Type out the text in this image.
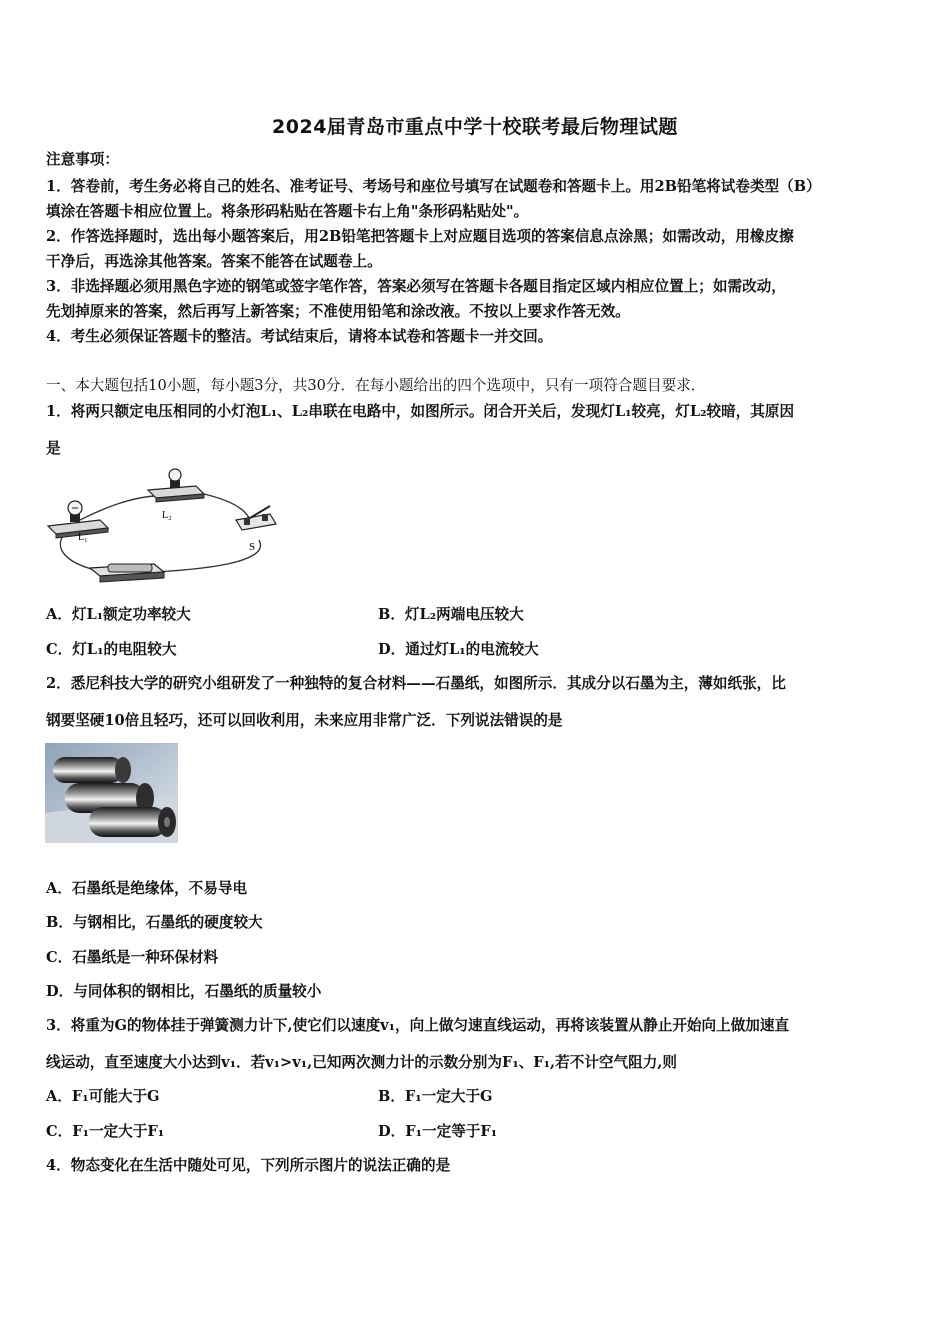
2024届青岛市重点中学十校联考最后物理试题
注意事项：
1．答卷前，考生务必将自己的姓名、准考证号、考场号和座位号填写在试题卷和答题卡上。用2B铅笔将试卷类型（B）
填涂在答题卡相应位置上。将条形码粘贴在答题卡右上角"条形码粘贴处"。
2．作答选择题时，选出每小题答案后，用2B铅笔把答题卡上对应题目选项的答案信息点涂黑；如需改动，用橡皮擦
干净后，再选涂其他答案。答案不能答在试题卷上。
3．非选择题必须用黑色字迹的钢笔或签字笔作答，答案必须写在答题卡各题目指定区域内相应位置上；如需改动，
先划掉原来的答案，然后再写上新答案；不准使用铅笔和涂改液。不按以上要求作答无效。
4．考生必须保证答题卡的整洁。考试结束后，请将本试卷和答题卡一并交回。
一、本大题包括10小题，每小题3分，共30分．在每小题给出的四个选项中，只有一项符合题目要求．
1．将两只额定电压相同的小灯泡L₁、L₂串联在电路中，如图所示。闭合开关后，发现灯L₁较亮，灯L₂较暗，其原因
是
L₁
L₂
S
A．灯L₁额定功率较大	B．灯L₂两端电压较大
C．灯L₁的电阻较大	D．通过灯L₁的电流较大
2．悉尼科技大学的研究小组研发了一种独特的复合材料——石墨纸，如图所示．其成分以石墨为主，薄如纸张，比
钢要坚硬10倍且轻巧，还可以回收利用，未来应用非常广泛．下列说法错误的是
A．石墨纸是绝缘体，不易导电
B．与钢相比，石墨纸的硬度较大
C．石墨纸是一种环保材料
D．与同体积的钢相比，石墨纸的质量较小
3．将重为G的物体挂于弹簧测力计下,使它们以速度v₁，向上做匀速直线运动，再将该装置从静止开始向上做加速直
线运动，直至速度大小达到v₁．若v₁>v₁,已知两次测力计的示数分别为F₁、F₁,若不计空气阻力,则
A．F₁可能大于G	B．F₁一定大于G
C．F₁一定大于F₁	D．F₁一定等于F₁
4．物态变化在生活中随处可见，下列所示图片的说法正确的是
